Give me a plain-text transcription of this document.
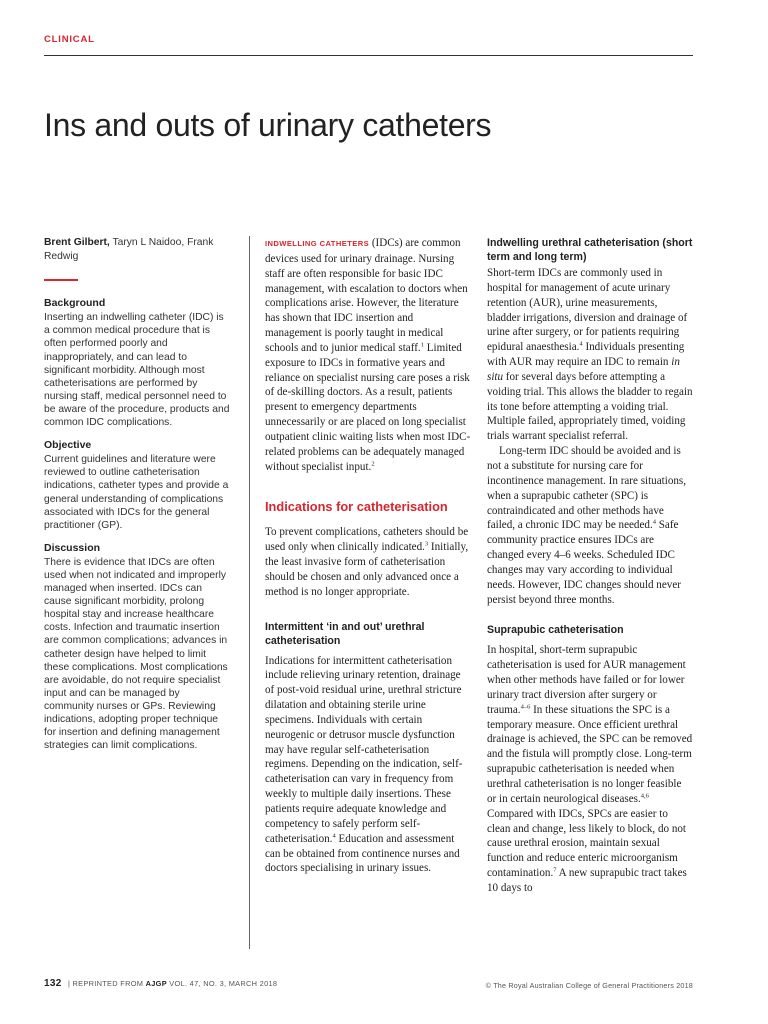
CLINICAL
Ins and outs of urinary catheters
Brent Gilbert, Taryn L Naidoo, Frank Redwig
Background
Inserting an indwelling catheter (IDC) is a common medical procedure that is often performed poorly and inappropriately, and can lead to significant morbidity. Although most catheterisations are performed by nursing staff, medical personnel need to be aware of the procedure, products and common IDC complications.
Objective
Current guidelines and literature were reviewed to outline catheterisation indications, catheter types and provide a general understanding of complications associated with IDCs for the general practitioner (GP).
Discussion
There is evidence that IDCs are often used when not indicated and improperly managed when inserted. IDCs can cause significant morbidity, prolong hospital stay and increase healthcare costs. Infection and traumatic insertion are common complications; advances in catheter design have helped to limit these complications. Most complications are avoidable, do not require specialist input and can be managed by community nurses or GPs. Reviewing indications, adopting proper technique for insertion and defining management strategies can limit complications.

INDWELLING CATHETERS (IDCs) are common devices used for urinary drainage. Nursing staff are often responsible for basic IDC management, with escalation to doctors when complications arise. However, the literature has shown that IDC insertion and management is poorly taught in medical schools and to junior medical staff.$^1$ Limited exposure to IDCs in formative years and reliance on specialist nursing care poses a risk of de-skilling doctors. As a result, patients present to emergency departments unnecessarily or are placed on long specialist outpatient clinic waiting lists when most IDC-related problems can be adequately managed without specialist input.$^2$

Indications for catheterisation

To prevent complications, catheters should be used only when clinically indicated.$^3$ Initially, the least invasive form of catheterisation should be chosen and only advanced once a method is no longer appropriate.

Intermittent ‘in and out’ urethral catheterisation

Indications for intermittent catheterisation include relieving urinary retention, drainage of post-void residual urine, urethral stricture dilatation and obtaining sterile urine specimens. Individuals with certain neurogenic or detrusor muscle dysfunction may have regular self-catheterisation regimens. Depending on the indication, self-catheterisation can vary in frequency from weekly to multiple daily insertions. These patients require adequate knowledge and competency to safely perform self-catheterisation.$^4$ Education and assessment can be obtained from continence nurses and doctors specialising in urinary issues.

Indwelling urethral catheterisation (short term and long term)

Short-term IDCs are commonly used in hospital for management of acute urinary retention (AUR), urine measurements, bladder irrigations, diversion and drainage of urine after surgery, or for patients requiring epidural anaesthesia.$^4$ Individuals presenting with AUR may require an IDC to remain in situ for several days before attempting a voiding trial. This allows the bladder to regain its tone before attempting a voiding trial. Multiple failed, appropriately timed, voiding trials warrant specialist referral.

Long-term IDC should be avoided and is not a substitute for nursing care for incontinence management. In rare situations, when a suprapubic catheter (SPC) is contraindicated and other methods have failed, a chronic IDC may be needed.$^4$ Safe community practice ensures IDCs are changed every 4–6 weeks. Scheduled IDC changes may vary according to individual needs. However, IDC changes should never persist beyond three months.

Suprapubic catheterisation

In hospital, short-term suprapubic catheterisation is used for AUR management when other methods have failed or for lower urinary tract diversion after surgery or trauma.$^{4-6}$ In these situations the SPC is a temporary measure. Once efficient urethral drainage is achieved, the SPC can be removed and the fistula will promptly close. Long-term suprapubic catheterisation is needed when urethral catheterisation is no longer feasible or in certain neurological diseases.$^{4,6}$ Compared with IDCs, SPCs are easier to clean and change, less likely to block, do not cause urethral erosion, maintain sexual function and reduce enteric microorganism contamination.$^7$ A new suprapubic tract takes 10 days to

132 | REPRINTED FROM AJGP VOL. 47, NO. 3, MARCH 2018	© The Royal Australian College of General Practitioners 2018
